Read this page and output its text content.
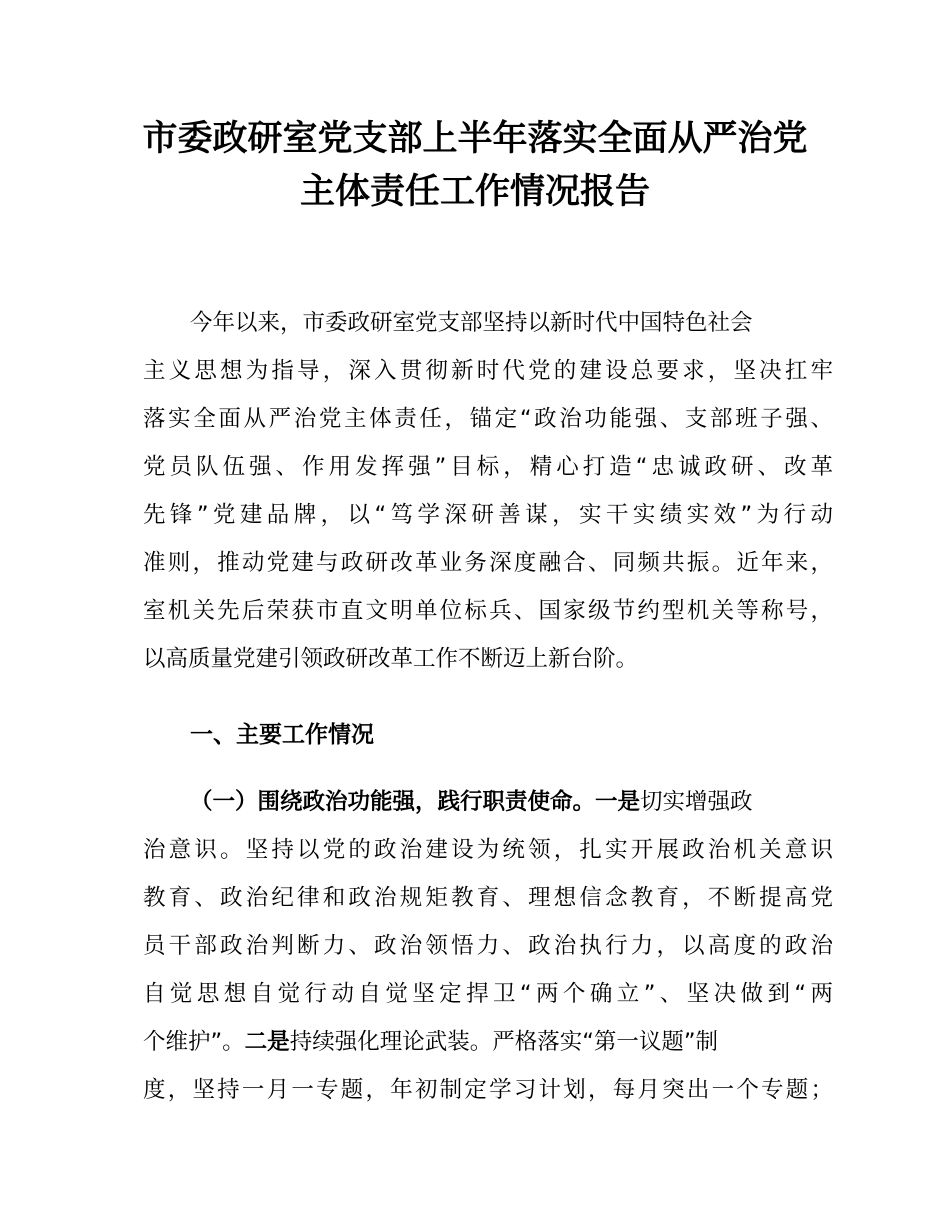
市委政研室党支部上半年落实全面从严治党
主体责任工作情况报告

今年以来，市委政研室党支部坚持以新时代中国特色社会

主义思想为指导，深入贯彻新时代党的建设总要求，坚决扛牢

落实全面从严治党主体责任，锚定“政治功能强、支部班子强、

党员队伍强、作用发挥强”目标，精心打造“忠诚政研、改革

先锋”党建品牌，以“笃学深研善谋，实干实绩实效”为行动

准则，推动党建与政研改革业务深度融合、同频共振。近年来，

室机关先后荣获市直文明单位标兵、国家级节约型机关等称号，

以高质量党建引领政研改革工作不断迈上新台阶。

一、主要工作情况

（一）围绕政治功能强，践行职责使命。一是切实增强政

治意识。坚持以党的政治建设为统领，扎实开展政治机关意识

教育、政治纪律和政治规矩教育、理想信念教育，不断提高党

员干部政治判断力、政治领悟力、政治执行力，以高度的政治

自觉思想自觉行动自觉坚定捍卫“两个确立”、坚决做到“两

个维护”。二是持续强化理论武装。严格落实“第一议题”制

度，坚持一月一专题，年初制定学习计划，每月突出一个专题；
